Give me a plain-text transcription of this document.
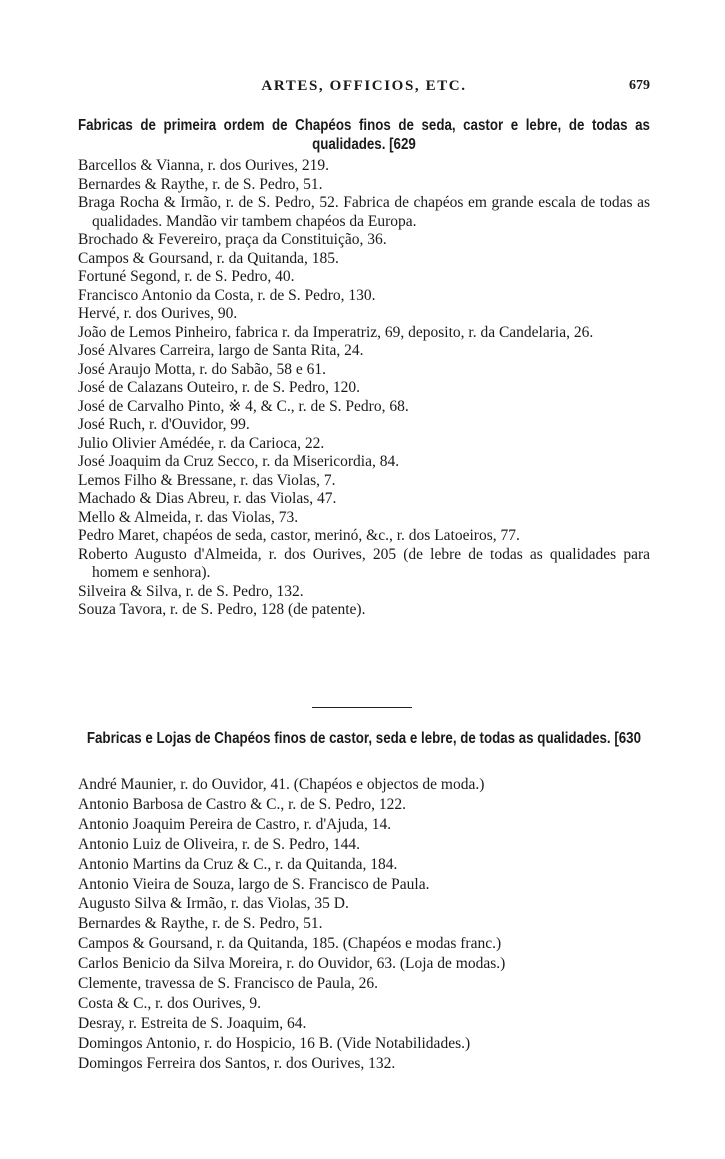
ARTES, OFFICIOS, ETC.	679
Fabricas de primeira ordem de Chapéos finos de seda, castor e lebre, de todas as qualidades. [629
Barcellos & Vianna, r. dos Ourives, 219.
Bernardes & Raythe, r. de S. Pedro, 51.
Braga Rocha & Irmão, r. de S. Pedro, 52. Fabrica de chapéos em grande escala de todas as qualidades. Mandão vir tambem chapéos da Europa.
Brochado & Fevereiro, praça da Constituição, 36.
Campos & Goursand, r. da Quitanda, 185.
Fortuné Segond, r. de S. Pedro, 40.
Francisco Antonio da Costa, r. de S. Pedro, 130.
Hervé, r. dos Ourives, 90.
João de Lemos Pinheiro, fabrica r. da Imperatriz, 69, deposito, r. da Candelaria, 26.
José Alvares Carreira, largo de Santa Rita, 24.
José Araujo Motta, r. do Sabão, 58 e 61.
José de Calazans Outeiro, r. de S. Pedro, 120.
José de Carvalho Pinto, ※ 4, & C., r. de S. Pedro, 68.
José Ruch, r. d'Ouvidor, 99.
Julio Olivier Amédée, r. da Carioca, 22.
José Joaquim da Cruz Secco, r. da Misericordia, 84.
Lemos Filho & Bressane, r. das Violas, 7.
Machado & Dias Abreu, r. das Violas, 47.
Mello & Almeida, r. das Violas, 73.
Pedro Maret, chapéos de seda, castor, merinó, &c., r. dos Latoeiros, 77.
Roberto Augusto d'Almeida, r. dos Ourives, 205 (de lebre de todas as qualidades para homem e senhora).
Silveira & Silva, r. de S. Pedro, 132.
Souza Tavora, r. de S. Pedro, 128 (de patente).
Fabricas e Lojas de Chapéos finos de castor, seda e lebre, de todas as qualidades. [630
André Maunier, r. do Ouvidor, 41. (Chapéos e objectos de moda.)
Antonio Barbosa de Castro & C., r. de S. Pedro, 122.
Antonio Joaquim Pereira de Castro, r. d'Ajuda, 14.
Antonio Luiz de Oliveira, r. de S. Pedro, 144.
Antonio Martins da Cruz & C., r. da Quitanda, 184.
Antonio Vieira de Souza, largo de S. Francisco de Paula.
Augusto Silva & Irmão, r. das Violas, 35 D.
Bernardes & Raythe, r. de S. Pedro, 51.
Campos & Goursand, r. da Quitanda, 185. (Chapéos e modas franc.)
Carlos Benicio da Silva Moreira, r. do Ouvidor, 63. (Loja de modas.)
Clemente, travessa de S. Francisco de Paula, 26.
Costa & C., r. dos Ourives, 9.
Desray, r. Estreita de S. Joaquim, 64.
Domingos Antonio, r. do Hospicio, 16 B. (Vide Notabilidades.)
Domingos Ferreira dos Santos, r. dos Ourives, 132.
